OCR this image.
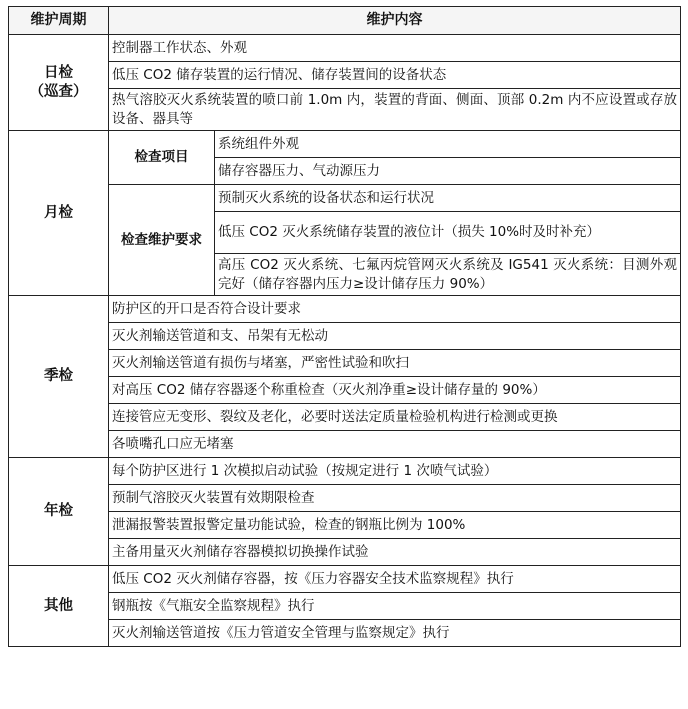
维护周期	维护内容	

日检
（巡查）	控制器工作状态、外观	
	低压 CO2 储存装置的运行情况、储存装置间的设备状态	
	热气溶胶灭火系统装置的喷口前 1.0m 内，装置的背面、侧面、顶部 0.2m 内不应设置或存放设备、器具等	
月检	检查项目	系统组件外观
		储存容器压力、气动源压力
	检查维护要求	预制灭火系统的设备状态和运行状况
		低压 CO2 灭火系统储存装置的液位计（损失 10%时及时补充）
		高压 CO2 灭火系统、七氟丙烷管网灭火系统及 IG541 灭火系统：目测外观完好（储存容器内压力≥设计储存压力 90%）
季检	防护区的开口是否符合设计要求	
	灭火剂输送管道和支、吊架有无松动	
	灭火剂输送管道有损伤与堵塞，严密性试验和吹扫	
	对高压 CO2 储存容器逐个称重检查（灭火剂净重≥设计储存量的 90%）	
	连接管应无变形、裂纹及老化，必要时送法定质量检验机构进行检测或更换	
	各喷嘴孔口应无堵塞	
年检	每个防护区进行 1 次模拟启动试验（按规定进行 1 次喷气试验）	
	预制气溶胶灭火装置有效期限检查	
	泄漏报警装置报警定量功能试验，检查的钢瓶比例为 100%	
	主备用量灭火剂储存容器模拟切换操作试验	
其他	低压 CO2 灭火剂储存容器，按《压力容器安全技术监察规程》执行	
	钢瓶按《气瓶安全监察规程》执行	
	灭火剂输送管道按《压力管道安全管理与监察规定》执行	
